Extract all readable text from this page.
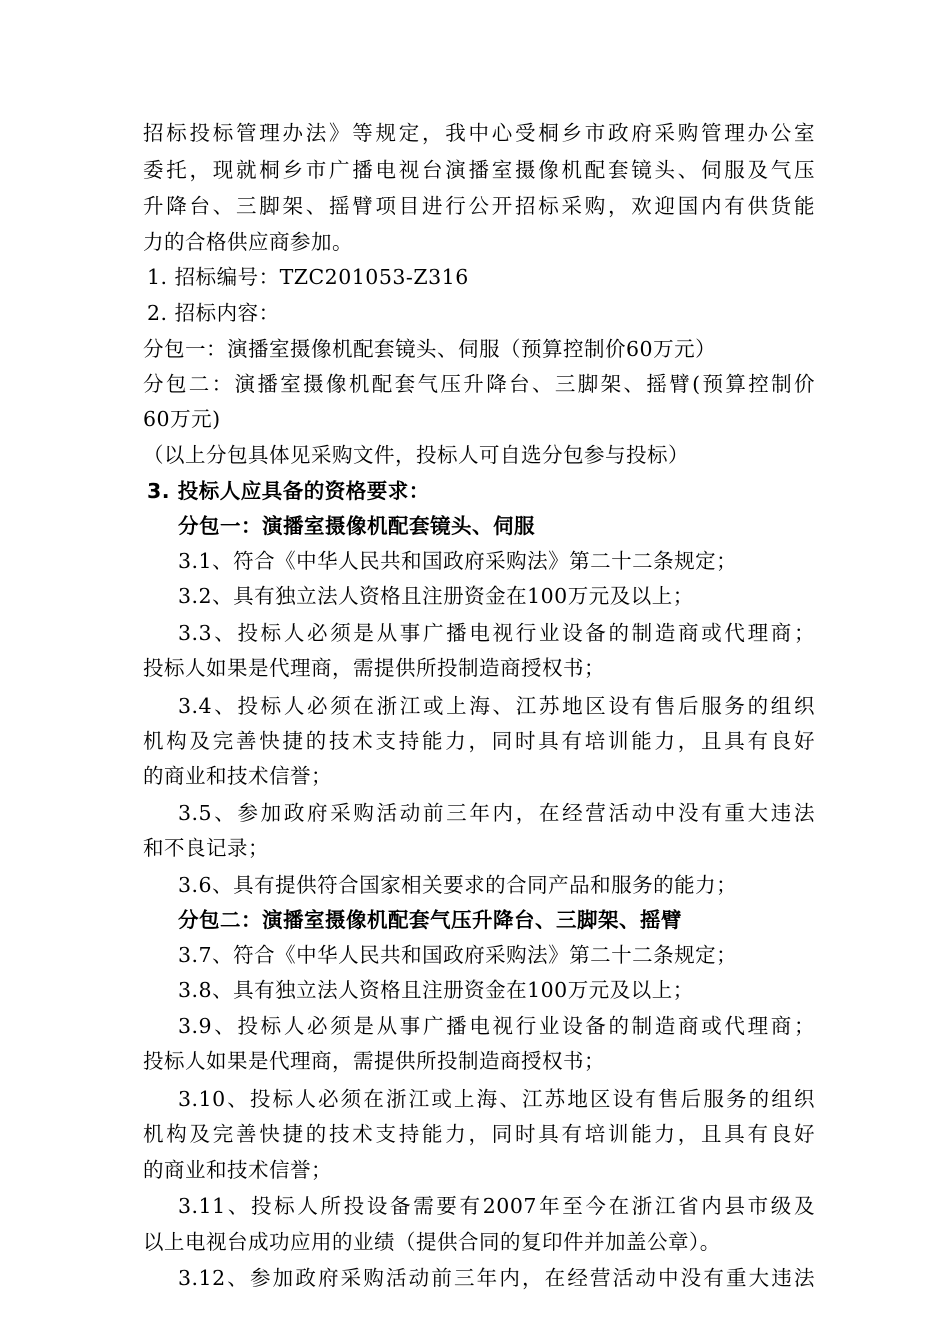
招标投标管理办法》等规定，我中心受桐乡市政府采购管理办公室
委托，现就桐乡市广播电视台演播室摄像机配套镜头、伺服及气压
升降台、三脚架、摇臂项目进行公开招标采购，欢迎国内有供货能
力的合格供应商参加。
1. 招标编号：TZC201053-Z316
2. 招标内容：
分包一：演播室摄像机配套镜头、伺服（预算控制价60万元）
分包二：演播室摄像机配套气压升降台、三脚架、摇臂(预算控制价
60万元)
（以上分包具体见采购文件，投标人可自选分包参与投标）
3. 投标人应具备的资格要求：
分包一：演播室摄像机配套镜头、伺服
3.1、符合《中华人民共和国政府采购法》第二十二条规定；
3.2、具有独立法人资格且注册资金在100万元及以上；
3.3、投标人必须是从事广播电视行业设备的制造商或代理商；
投标人如果是代理商，需提供所投制造商授权书；
3.4、投标人必须在浙江或上海、江苏地区设有售后服务的组织
机构及完善快捷的技术支持能力，同时具有培训能力，且具有良好
的商业和技术信誉；
3.5、参加政府采购活动前三年内，在经营活动中没有重大违法
和不良记录；
3.6、具有提供符合国家相关要求的合同产品和服务的能力；
分包二：演播室摄像机配套气压升降台、三脚架、摇臂
3.7、符合《中华人民共和国政府采购法》第二十二条规定；
3.8、具有独立法人资格且注册资金在100万元及以上；
3.9、投标人必须是从事广播电视行业设备的制造商或代理商；
投标人如果是代理商，需提供所投制造商授权书；
3.10、投标人必须在浙江或上海、江苏地区设有售后服务的组织
机构及完善快捷的技术支持能力，同时具有培训能力，且具有良好
的商业和技术信誉；
3.11、投标人所投设备需要有2007年至今在浙江省内县市级及
以上电视台成功应用的业绩（提供合同的复印件并加盖公章）。
3.12、参加政府采购活动前三年内，在经营活动中没有重大违法
